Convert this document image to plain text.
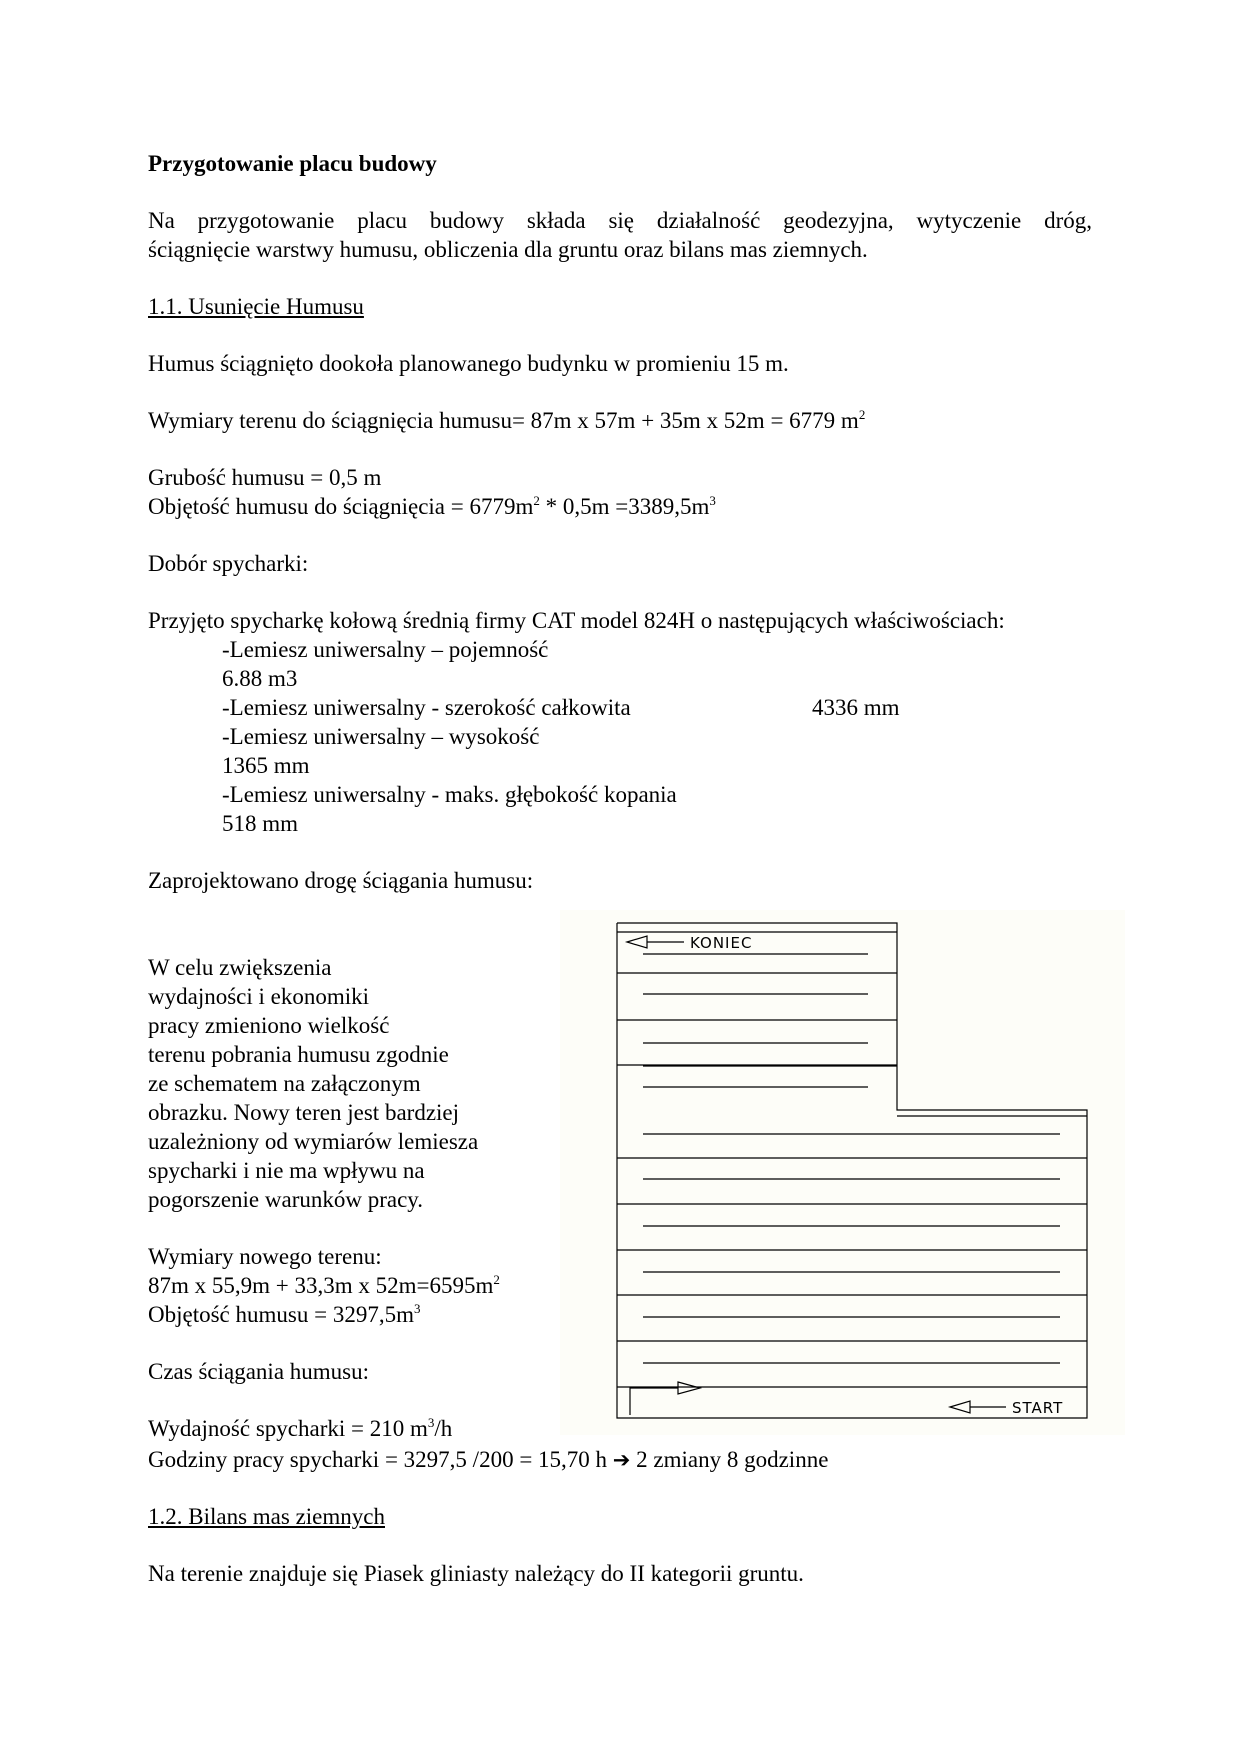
Przygotowanie placu budowy
Na przygotowanie placu budowy składa się działalność geodezyjna, wytyczenie dróg,
ściągnięcie warstwy humusu, obliczenia dla gruntu oraz bilans mas ziemnych.
1.1. Usunięcie Humusu
Humus ściągnięto dookoła planowanego budynku w promieniu 15 m.
Wymiary terenu do ściągnięcia humusu= 87m x 57m + 35m x 52m = 6779 $m^2$
Grubość humusu = 0,5 m
Objętość humusu do ściągnięcia = $6779m^2 * 0,5m =3389,5m^3$
Dobór spycharki:
Przyjęto spycharkę kołową średnią firmy CAT model 824H o następujących właściwościach:
-Lemiesz uniwersalny – pojemność
6.88 m3
-Lemiesz uniwersalny - szerokość całkowita	4336 mm
-Lemiesz uniwersalny – wysokość
1365 mm
-Lemiesz uniwersalny - maks. głębokość kopania
518 mm
Zaprojektowano drogę ściągania humusu:
W celu zwiększenia
wydajności i ekonomiki
pracy zmieniono wielkość
terenu pobrania humusu zgodnie
ze schematem na załączonym
obrazku. Nowy teren jest bardziej
uzależniony od wymiarów lemiesza
spycharki i nie ma wpływu na
pogorszenie warunków pracy.
Wymiary nowego terenu:
87m x 55,9m + 33,3m x $52m=6595m^2$
Objętość humusu = $3297,5m^3$
Czas ściągania humusu:
Wydajność spycharki = 210 $m^3/h$
Godziny pracy spycharki = 3297,5 /200 = 15,70 h ➔ 2 zmiany 8 godzinne
1.2. Bilans mas ziemnych
Na terenie znajduje się Piasek gliniasty należący do II kategorii gruntu.
KONIEC
START
